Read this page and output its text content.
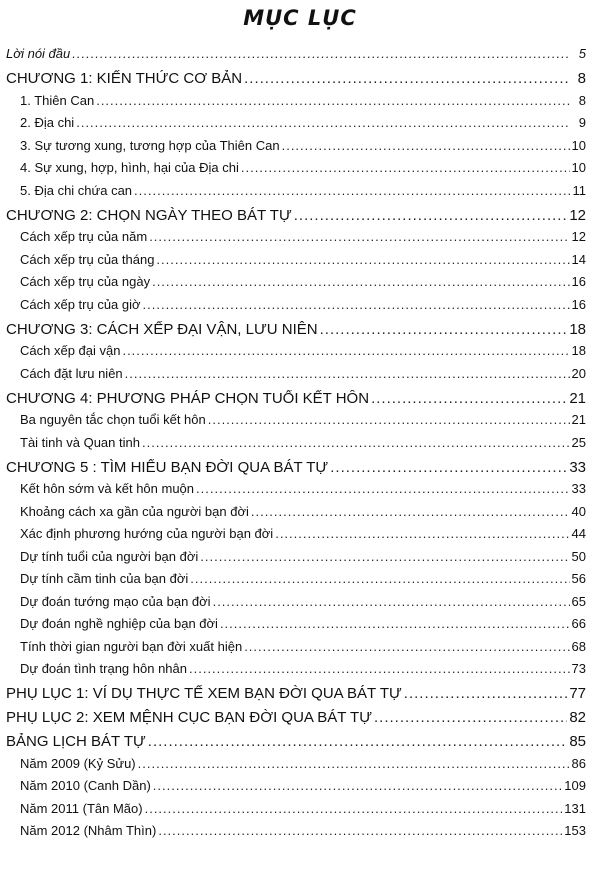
MỤC LỤC
Lời nói đầu .....	5
CHƯƠNG 1: KIẾN THỨC CƠ BẢN .....	8
1. Thiên Can .....	8
2. Địa chi .....	9
3. Sự tương xung, tương hợp của Thiên Can .....	10
4. Sự xung, hợp, hình, hại của Địa chi .....	10
5. Địa chi chứa can .....	11
CHƯƠNG 2: CHỌN NGÀY THEO BÁT TỰ .....	12
Cách xếp trụ của năm .....	12
Cách xếp trụ của tháng .....	14
Cách xếp trụ của ngày .....	16
Cách xếp trụ của giờ .....	16
CHƯƠNG 3: CÁCH XẾP ĐẠI VẬN, LƯU NIÊN .....	18
Cách xếp đại vận .....	18
Cách đặt lưu niên .....	20
CHƯƠNG 4: PHƯƠNG PHÁP CHỌN TUỔI KẾT HÔN .....	21
Ba nguyên tắc chọn tuổi kết hôn .....	21
Tài tinh và Quan tinh .....	25
CHƯƠNG 5 : TÌM HIỂU BẠN ĐỜI QUA BÁT TỰ .....	33
Kết hôn sớm và kết hôn muộn .....	33
Khoảng cách xa gần của người bạn đời .....	40
Xác định phương hướng của người bạn đời .....	44
Dự tính tuổi của người bạn đời .....	50
Dự tính cầm tinh của bạn đời .....	56
Dự đoán tướng mạo của bạn đời .....	65
Dự đoán nghề nghiệp của bạn đời .....	66
Tính thời gian người bạn đời xuất hiện .....	68
Dự đoán tình trạng hôn nhân .....	73
PHỤ LỤC 1: VÍ DỤ THỰC TẾ XEM BẠN ĐỜI QUA BÁT TỰ .....	77
PHỤ LỤC 2: XEM MỆNH CỤC BẠN ĐỜI QUA BÁT TỰ .....	82
BẢNG LỊCH BÁT TỰ .....	85
Năm 2009 (Kỷ Sửu) .....	86
Năm 2010 (Canh Dần) .....	109
Năm 2011 (Tân Mão) .....	131
Năm 2012 (Nhâm Thìn) .....	153
